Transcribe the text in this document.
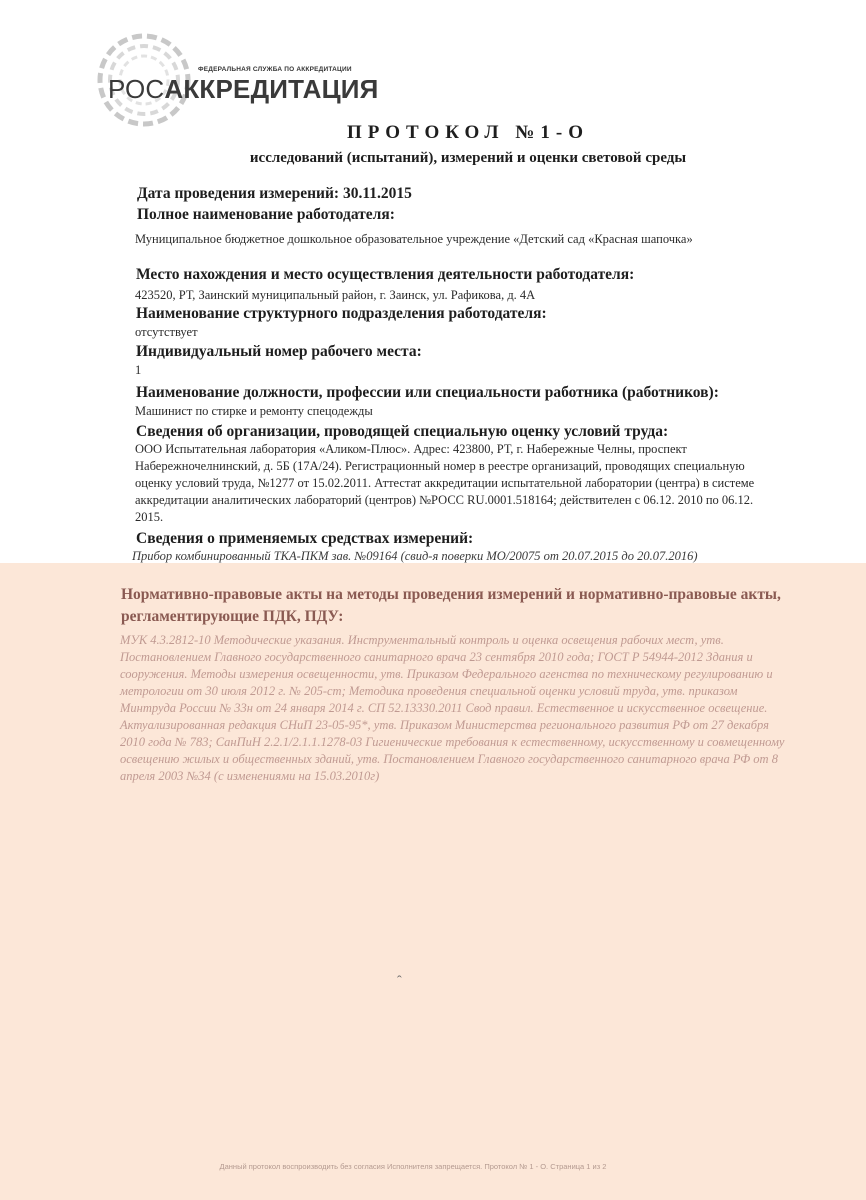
ФЕДЕРАЛЬНАЯ СЛУЖБА ПО АККРЕДИТАЦИИ
РОСАККРЕДИТАЦИЯ
ПРОТОКОЛ №1-О
исследований (испытаний), измерений и оценки световой среды
Дата проведения измерений: 30.11.2015
Полное наименование работодателя:
Муниципальное бюджетное дошкольное образовательное учреждение «Детский сад «Красная шапочка»
Место нахождения и место осуществления деятельности работодателя:
423520, РТ, Заинский муниципальный район, г. Заинск, ул. Рафикова, д. 4А
Наименование структурного подразделения работодателя:
отсутствует
Индивидуальный номер рабочего места:
1
Наименование должности, профессии или специальности работника (работников):
Машинист по стирке и ремонту спецодежды
Сведения об организации, проводящей специальную оценку условий труда:
ООО Испытательная лаборатория «Аликом-Плюс». Адрес: 423800, РТ, г. Набережные Челны, проспект Набережночелнинский, д. 5Б (17А/24). Регистрационный номер в реестре организаций, проводящих специальную оценку условий труда, №1277 от 15.02.2011. Аттестат аккредитации испытательной лаборатории (центра) в системе аккредитации аналитических лабораторий (центров) №РОСС RU.0001.518164; действителен с 06.12. 2010 по 06.12. 2015.
Сведения о применяемых средствах измерений:
Прибор комбинированный ТКА-ПКМ зав. №09164 (свид-я поверки МО/20075 от 20.07.2015 до 20.07.2016)
Нормативно-правовые акты на методы проведения измерений и нормативно-правовые акты, регламентирующие ПДК, ПДУ:
МУК 4.3.2812-10 Методические указания. Инструментальный контроль и оценка освещения рабочих мест, утв. Постановлением Главного государственного санитарного врача 23 сентября 2010 года; ГОСТ Р 54944-2012 Здания и сооружения. Методы измерения освещенности, утв. Приказом Федерального агенства по техническому регулированию и метрологии от 30 июля 2012 г. № 205-ст; Методика проведения специальной оценки условий труда, утв. приказом Минтруда России № 33н от 24 января 2014 г. СП 52.13330.2011 Свод правил. Естественное и искусственное освещение. Актуализированная редакция СНиП 23-05-95*, утв. Приказом Министерства регионального развития РФ от 27 декабря 2010 года № 783; СанПиН 2.2.1/2.1.1.1278-03 Гигиенические требования к естественному, искусственному и совмещенному освещению жилых и общественных зданий, утв. Постановлением Главного государственного санитарного врача РФ от 8 апреля 2003 №34 (с изменениями на 15.03.2010г)
ˆ
Данный протокол воспроизводить без согласия Исполнителя запрещается. Протокол № 1 - О. Страница 1 из 2
